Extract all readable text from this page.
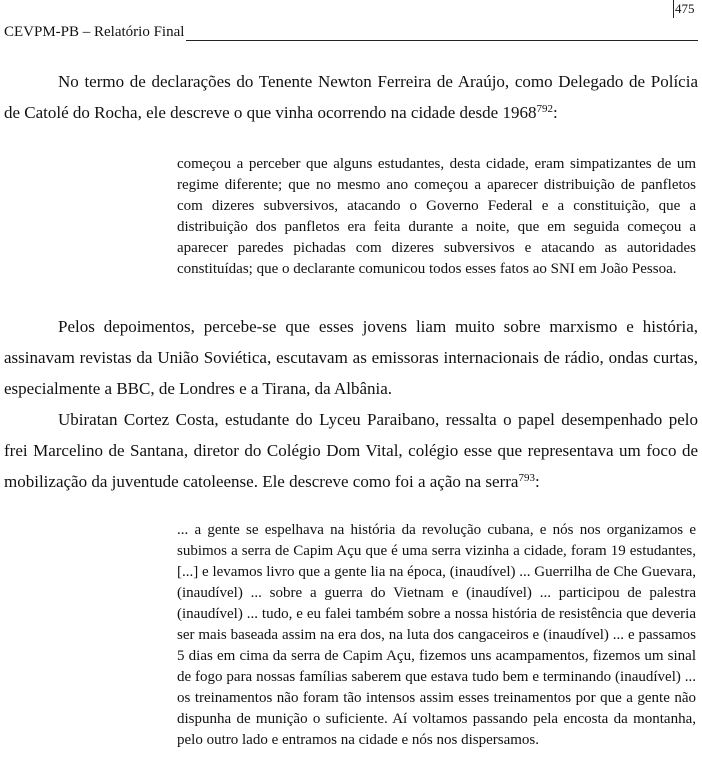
475
CEVPM-PB – Relatório Final

No termo de declarações do Tenente Newton Ferreira de Araújo, como Delegado de Polícia de Catolé do Rocha, ele descreve o que vinha ocorrendo na cidade desde 1968$^{792}$:

começou a perceber que alguns estudantes, desta cidade, eram simpatizantes de um regime diferente; que no mesmo ano começou a aparecer distribuição de panfletos com dizeres subversivos, atacando o Governo Federal e a constituição, que a distribuição dos panfletos era feita durante a noite, que em seguida começou a aparecer paredes pichadas com dizeres subversivos e atacando as autoridades constituídas; que o declarante comunicou todos esses fatos ao SNI em João Pessoa.

Pelos depoimentos, percebe-se que esses jovens liam muito sobre marxismo e história, assinavam revistas da União Soviética, escutavam as emissoras internacionais de rádio, ondas curtas, especialmente a BBC, de Londres e a Tirana, da Albânia.

Ubiratan Cortez Costa, estudante do Lyceu Paraibano, ressalta o papel desempenhado pelo frei Marcelino de Santana, diretor do Colégio Dom Vital, colégio esse que representava um foco de mobilização da juventude catoleense. Ele descreve como foi a ação na serra$^{793}$:

... a gente se espelhava na história da revolução cubana, e nós nos organizamos e subimos a serra de Capim Açu que é uma serra vizinha a cidade, foram 19 estudantes, [...] e levamos livro que a gente lia na época, (inaudível) ... Guerrilha de Che Guevara, (inaudível) ... sobre a guerra do Vietnam e (inaudível) ... participou de palestra (inaudível) ... tudo, e eu falei também sobre a nossa história de resistência que deveria ser mais baseada assim na era dos, na luta dos cangaceiros e (inaudível) ... e passamos 5 dias em cima da serra de Capim Açu, fizemos uns acampamentos, fizemos um sinal de fogo para nossas famílias saberem que estava tudo bem e terminando (inaudível) ... os treinamentos não foram tão intensos assim esses treinamentos por que a gente não dispunha de munição o suficiente. Aí voltamos passando pela encosta da montanha, pelo outro lado e entramos na cidade e nós nos dispersamos.
